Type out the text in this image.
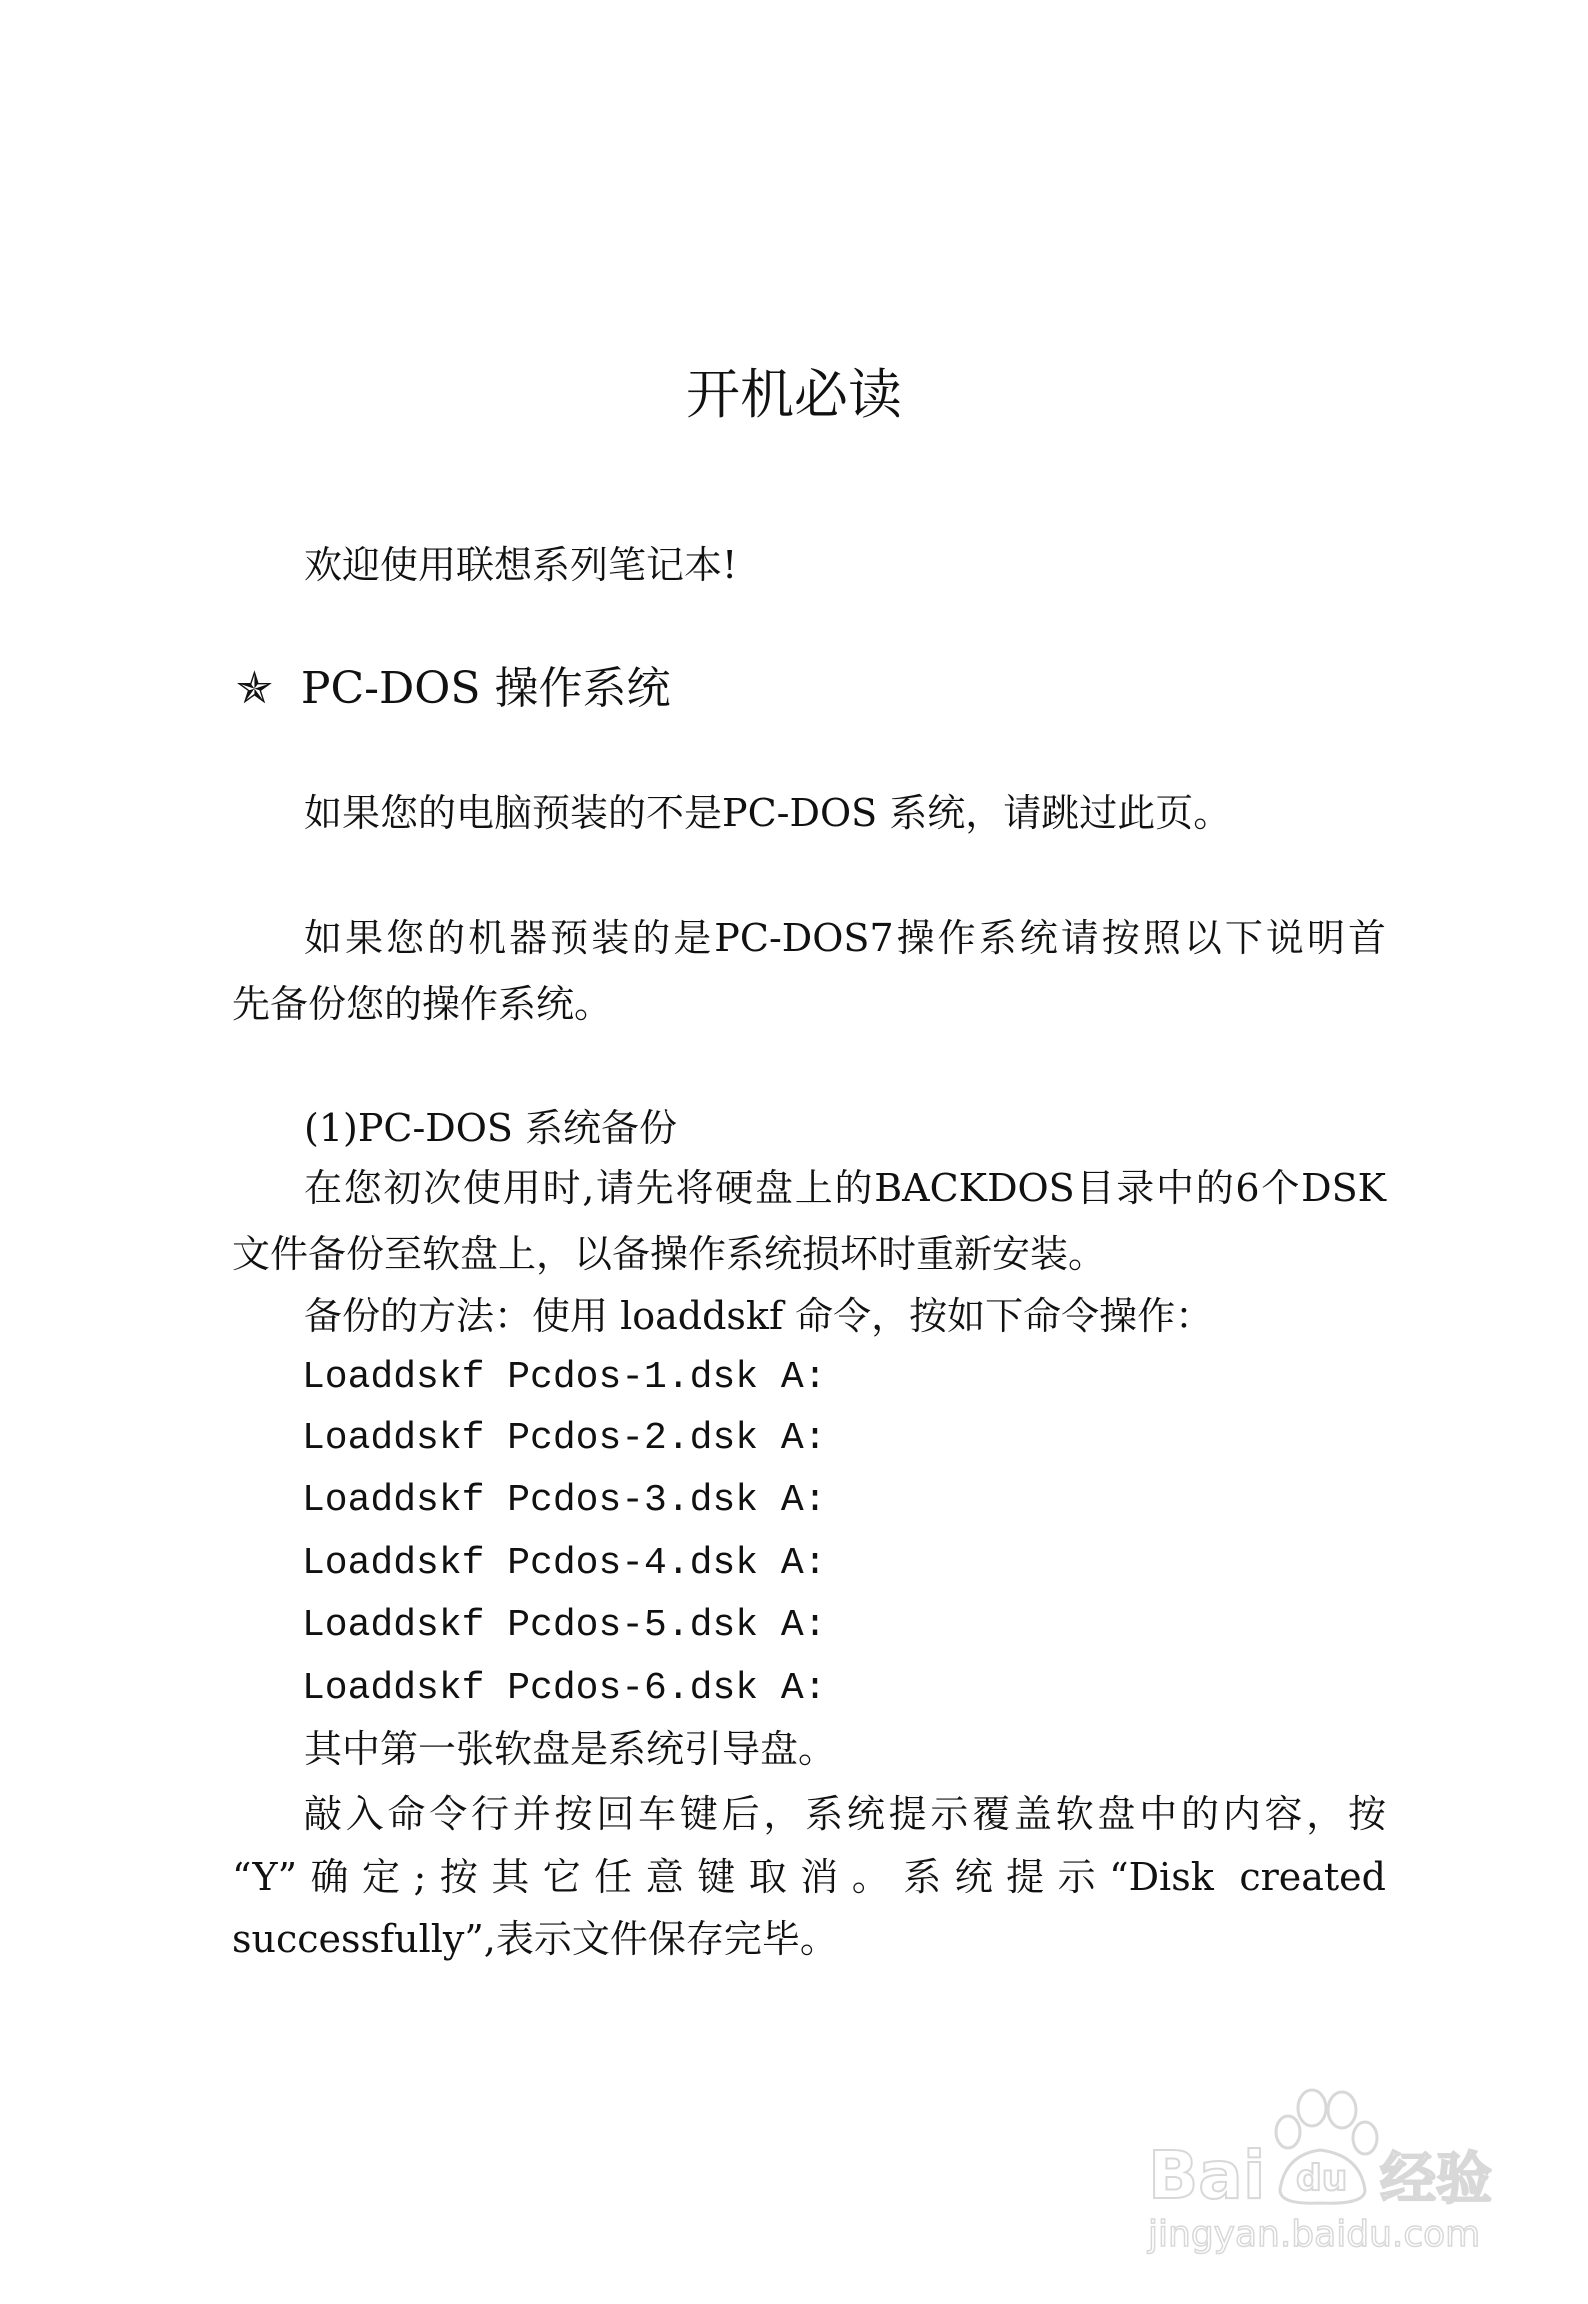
开机必读
欢迎使用联想系列笔记本!
✯ PC-DOS 操作系统
如果您的电脑预装的不是PC-DOS 系统，请跳过此页。
如果您的机器预装的是PC-DOS7操作系统请按照以下说明首
先备份您的操作系统。
(1)PC-DOS 系统备份
在您初次使用时,请先将硬盘上的BACKDOS目录中的6个DSK
文件备份至软盘上，以备操作系统损坏时重新安装。
备份的方法：使用 loaddskf 命令，按如下命令操作：
Loaddskf Pcdos-1.dsk A:
Loaddskf Pcdos-2.dsk A:
Loaddskf Pcdos-3.dsk A:
Loaddskf Pcdos-4.dsk A:
Loaddskf Pcdos-5.dsk A:
Loaddskf Pcdos-6.dsk A:
其中第一张软盘是系统引导盘。
敲入命令行并按回车键后，系统提示覆盖软盘中的内容，按
“Y”确定;按其它任意键取消。系统提示“Disk created
successfully”,表示文件保存完毕。
Bai du 经验
jingyan.baidu.com
